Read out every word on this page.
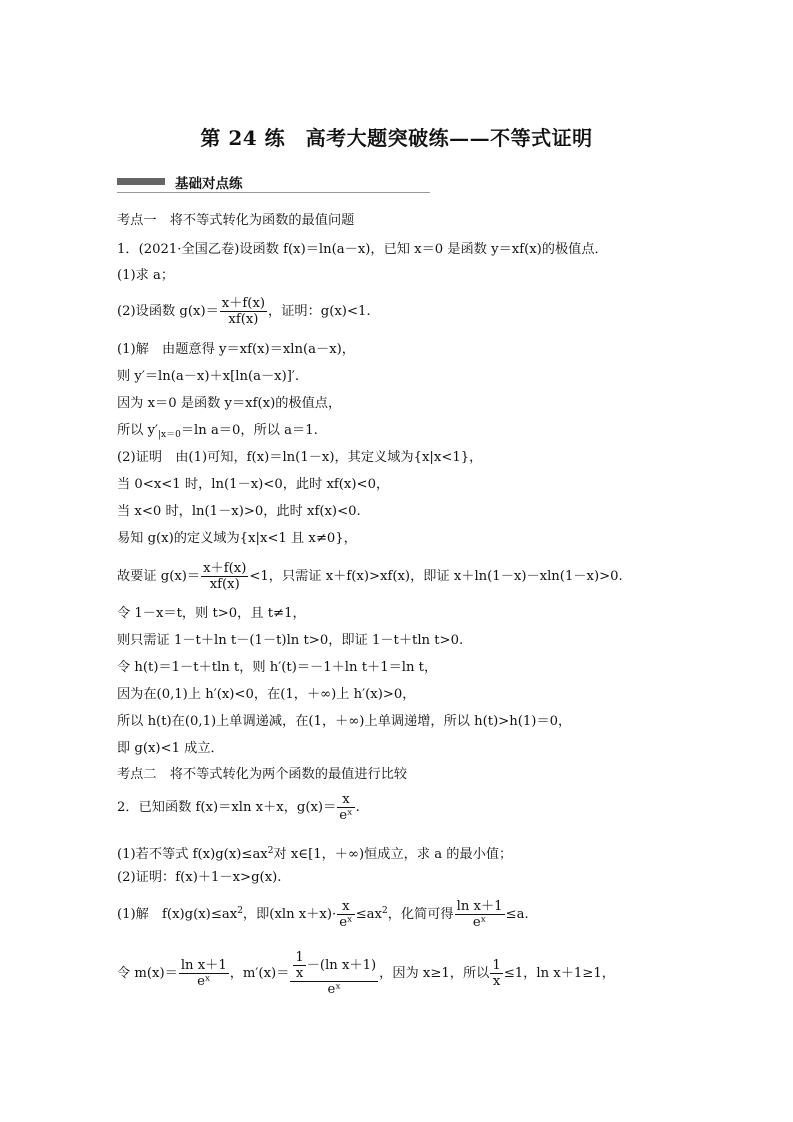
第 24 练　高考大题突破练——不等式证明
基础对点练
考点一　将不等式转化为函数的最值问题
1．(2021·全国乙卷)设函数 f(x)＝ln(a－x)，已知 x＝0 是函数 y＝xf(x)的极值点．
(1)求 a；
(2)设函数 $g(x)= \frac{x+f(x)}{xf(x)}$ ，证明：g(x)<1.
(1)解　由题意得 y＝xf(x)＝xln(a－x)，
则 y′＝ln(a－x)＋x[ln(a－x)]′.
因为 x＝0 是函数 y＝xf(x)的极值点，
所以 $y'_{|x=0}=\ln$ a＝0，所以 a＝1.
(2)证明　由(1)可知，f(x)＝ln(1－x)，其定义域为{x|x<1}，
当 0<x<1 时，ln(1－x)<0，此时 xf(x)<0，
当 x<0 时，ln(1－x)>0，此时 xf(x)<0.
易知 g(x)的定义域为{x|x<1 且 x≠0}，
故要证 $g(x)= \frac{x+f(x)}{xf(x)} <1$，只需证 x＋f(x)>xf(x)，即证 x＋ln(1－x)－xln(1－x)>0.
令 1－x＝t，则 t>0，且 t≠1，
则只需证 1－t＋ln t－(1－t)ln t>0，即证 1－t＋tln t>0.
令 h(t)＝1－t＋tln t，则 h′(t)＝－1＋ln t＋1＝ln t，
因为在(0,1)上 h′(x)<0，在(1，＋∞)上 h′(x)>0，
所以 h(t)在(0,1)上单调递减，在(1，＋∞)上单调递增，所以 h(t)>h(1)＝0，
即 g(x)<1 成立．
考点二　将不等式转化为两个函数的最值进行比较
2．已知函数 f(x)＝xln x＋x，$g(x)= \frac{x}{\text{eˣ}}$ .
(1)若不等式 $f(x)g(x)\le ax^2$对 x∈[1，＋∞)恒成立，求 a 的最小值；
(2)证明：f(x)＋1－x>g(x).
(1)解　$f(x)g(x)\le ax^2$，即(xln $x+x)\cdot \frac{x}{\text{eˣ}} \le ax^2$，化简可得 $\frac{\text{ln x＋1}}{\text{eˣ}} \le a$.
令 $m(x)= \frac{\text{ln x＋1}}{\text{eˣ}}$ ，$m'(x)= \frac{\frac{1}{x} -(\ln x+1)}{\text{eˣ}}$ ，因为 x≥1，所以 $\frac{1}{x} \le 1$，ln x＋1≥1，
